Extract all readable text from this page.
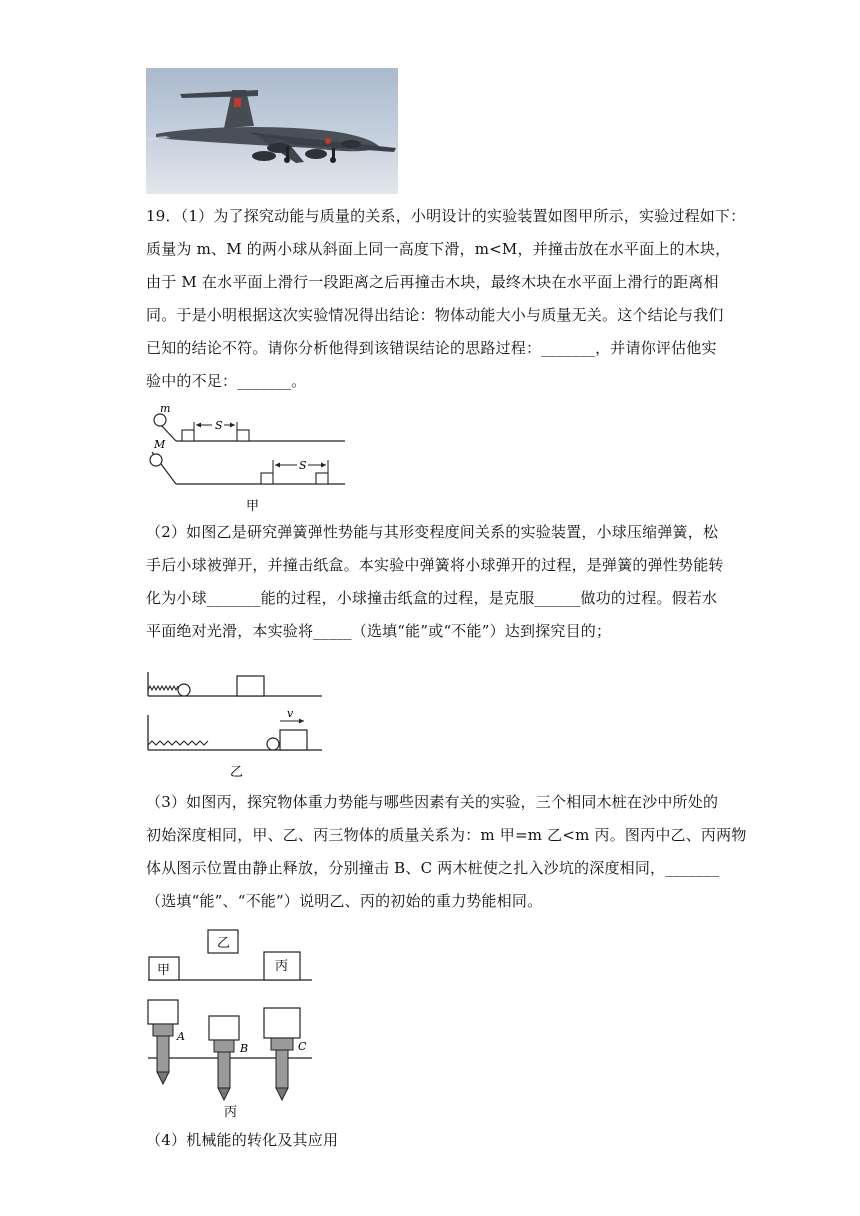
19．（1）为了探究动能与质量的关系，小明设计的实验装置如图甲所示，实验过程如下：
质量为 m、M 的两小球从斜面上同一高度下滑，m<M，并撞击放在水平面上的木块，
由于 M 在水平面上滑行一段距离之后再撞击木块，最终木块在水平面上滑行的距离相
同。于是小明根据这次实验情况得出结论：物体动能大小与质量无关。这个结论与我们
已知的结论不符。请你分析他得到该错误结论的思路过程：_______，并请你评估他实
验中的不足：_______。
m
S
M
S
甲
（2）如图乙是研究弹簧弹性势能与其形变程度间关系的实验装置，小球压缩弹簧，松
手后小球被弹开，并撞击纸盒。本实验中弹簧将小球弹开的过程，是弹簧的弹性势能转
化为小球_______能的过程，小球撞击纸盒的过程，是克服______做功的过程。假若水
平面绝对光滑，本实验将_____（选填“能”或“不能”）达到探究目的；
v
乙
（3）如图丙，探究物体重力势能与哪些因素有关的实验，三个相同木桩在沙中所处的
初始深度相同，甲、乙、丙三物体的质量关系为：m 甲=m 乙<m 丙。图丙中乙、丙两物
体从图示位置由静止释放，分别撞击 B、C 两木桩使之扎入沙坑的深度相同，_______
（选填“能”、“不能”）说明乙、丙的初始的重力势能相同。
甲
乙
丙
A
B	C
丙
（4）机械能的转化及其应用
